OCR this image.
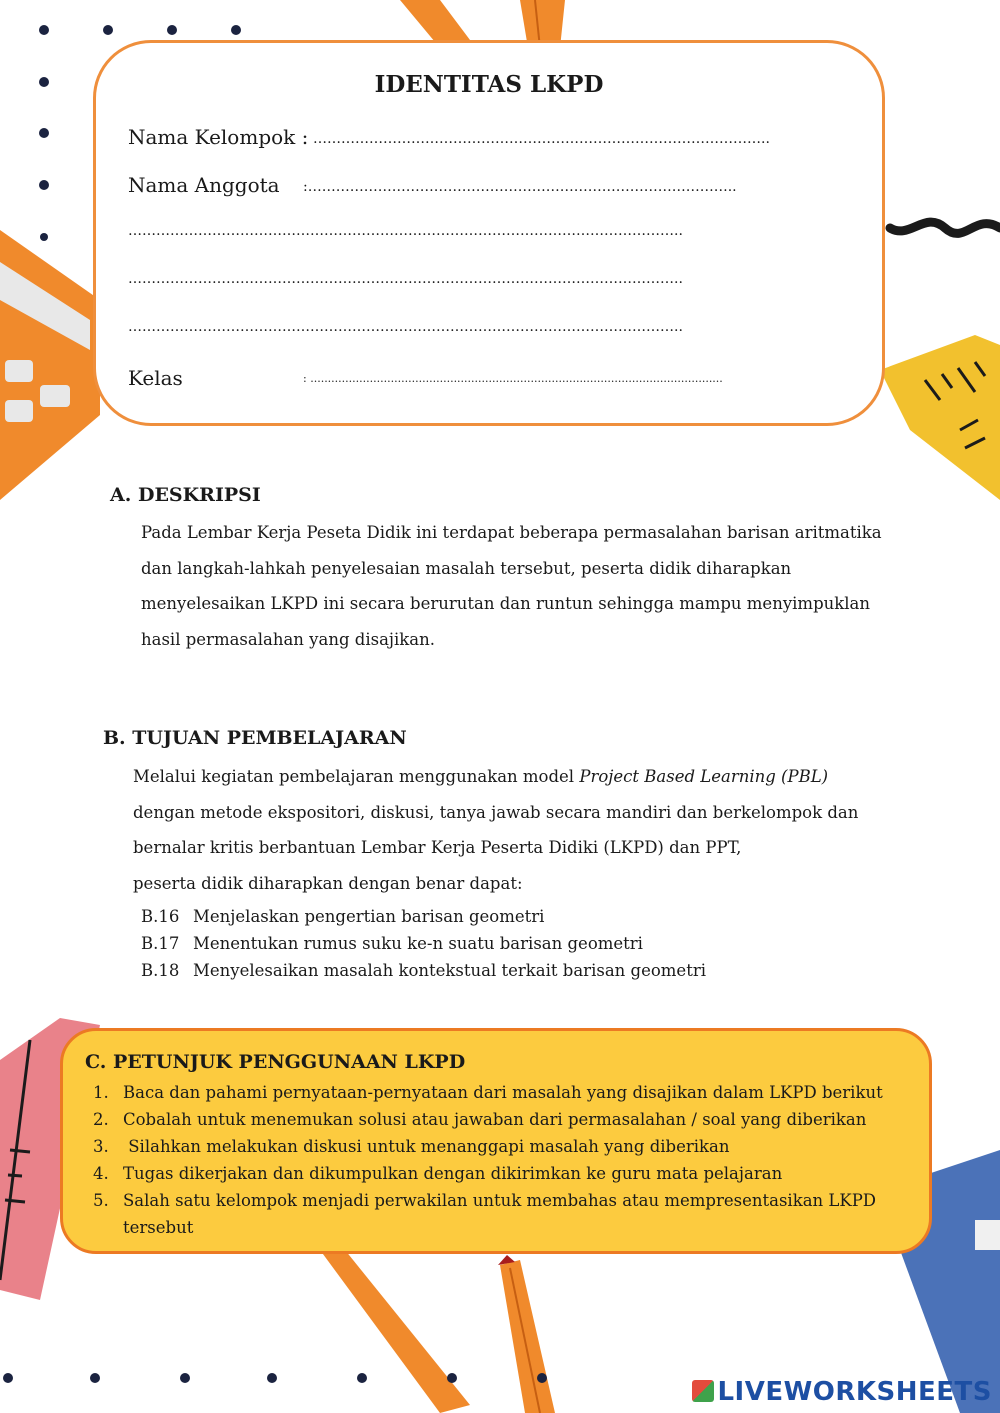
IDENTITAS LKPD
Nama Kelompok : ……………………………………………………………………………………..
Nama Anggota :………………………………………………………………………………..
………………………………………………………………………………………………………..
………………………………………………………………………………………………………..
………………………………………………………………………………………………………..
Kelas	: ......................................................................................................................
A. DESKRIPSI
Pada Lembar Kerja Peseta Didik ini terdapat beberapa permasalahan barisan aritmatika
dan langkah-lahkah penyelesaian masalah tersebut, peserta didik diharapkan
menyelesaikan LKPD ini secara berurutan dan runtun sehingga mampu menyimpuklan
hasil permasalahan yang disajikan.
B. TUJUAN PEMBELAJARAN
Melalui kegiatan pembelajaran menggunakan model Project Based Learning (PBL)
dengan metode ekspositori, diskusi, tanya jawab secara mandiri dan berkelompok dan
bernalar kritis berbantuan Lembar Kerja Peserta Didiki (LKPD) dan PPT,
peserta didik diharapkan dengan benar dapat:
B.16 Menjelaskan pengertian barisan geometri
B.17 Menentukan rumus suku ke-n suatu barisan geometri
B.18 Menyelesaikan masalah kontekstual terkait barisan geometri
C. PETUNJUK PENGGUNAAN LKPD
1. Baca dan pahami pernyataan-pernyataan dari masalah yang disajikan dalam LKPD berikut
2. Cobalah untuk menemukan solusi atau jawaban dari permasalahan / soal yang diberikan
3. Silahkan melakukan diskusi untuk menanggapi masalah yang diberikan
4. Tugas dikerjakan dan dikumpulkan dengan dikirimkan ke guru mata pelajaran
5. Salah satu kelompok menjadi perwakilan untuk membahas atau mempresentasikan LKPD
tersebut
LIVEWORKSHEETS
